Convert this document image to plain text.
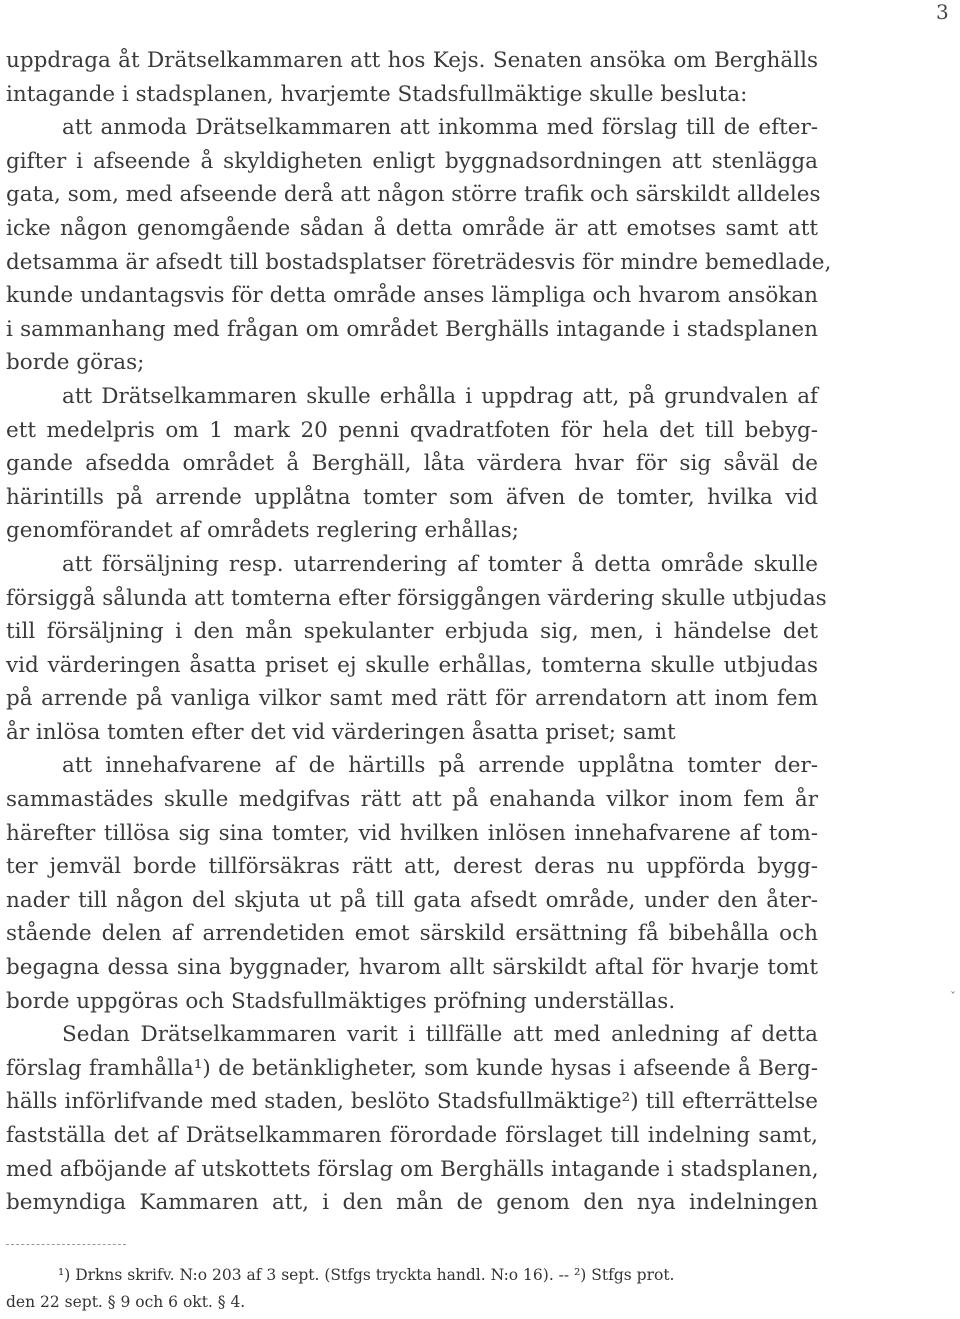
3
uppdraga åt Drätselkammaren att hos Kejs. Senaten ansöka om Berghälls
intagande i stadsplanen, hvarjemte Stadsfullmäktige skulle besluta:
att anmoda Drätselkammaren att inkomma med förslag till de efter-
gifter i afseende å skyldigheten enligt byggnadsordningen att stenlägga
gata, som, med afseende derå att någon större trafik och särskildt alldeles
icke någon genomgående sådan å detta område är att emotses samt att
detsamma är afsedt till bostadsplatser företrädesvis för mindre bemedlade,
kunde undantagsvis för detta område anses lämpliga och hvarom ansökan
i sammanhang med frågan om området Berghälls intagande i stadsplanen
borde göras;
att Drätselkammaren skulle erhålla i uppdrag att, på grundvalen af
ett medelpris om 1 mark 20 penni qvadratfoten för hela det till bebyg-
gande afsedda området å Berghäll, låta värdera hvar för sig såväl de
härintills på arrende upplåtna tomter som äfven de tomter, hvilka vid
genomförandet af områdets reglering erhållas;
att försäljning resp. utarrendering af tomter å detta område skulle
försiggå sålunda att tomterna efter försiggången värdering skulle utbjudas
till försäljning i den mån spekulanter erbjuda sig, men, i händelse det
vid värderingen åsatta priset ej skulle erhållas, tomterna skulle utbjudas
på arrende på vanliga vilkor samt med rätt för arrendatorn att inom fem
år inlösa tomten efter det vid värderingen åsatta priset; samt
att innehafvarene af de härtills på arrende upplåtna tomter der-
sammastädes skulle medgifvas rätt att på enahanda vilkor inom fem år
härefter tillösa sig sina tomter, vid hvilken inlösen innehafvarene af tom-
ter jemväl borde tillförsäkras rätt att, derest deras nu uppförda bygg-
nader till någon del skjuta ut på till gata afsedt område, under den åter-
stående delen af arrendetiden emot särskild ersättning få bibehålla och
begagna dessa sina byggnader, hvarom allt särskildt aftal för hvarje tomt
borde uppgöras och Stadsfullmäktiges pröfning underställas.
Sedan Drätselkammaren varit i tillfälle att med anledning af detta
förslag framhålla¹) de betänkligheter, som kunde hysas i afseende å Berg-
hälls införlifvande med staden, beslöto Stadsfullmäktige²) till efterrättelse
fastställa det af Drätselkammaren förordade förslaget till indelning samt,
med afböjande af utskottets förslag om Berghälls intagande i stadsplanen,
bemyndiga Kammaren att, i den mån de genom den nya indelningen
ˇ
¹) Drkns skrifv. N:o 203 af 3 sept. (Stfgs tryckta handl. N:o 16). -- ²) Stfgs prot.
den 22 sept. § 9 och 6 okt. § 4.
